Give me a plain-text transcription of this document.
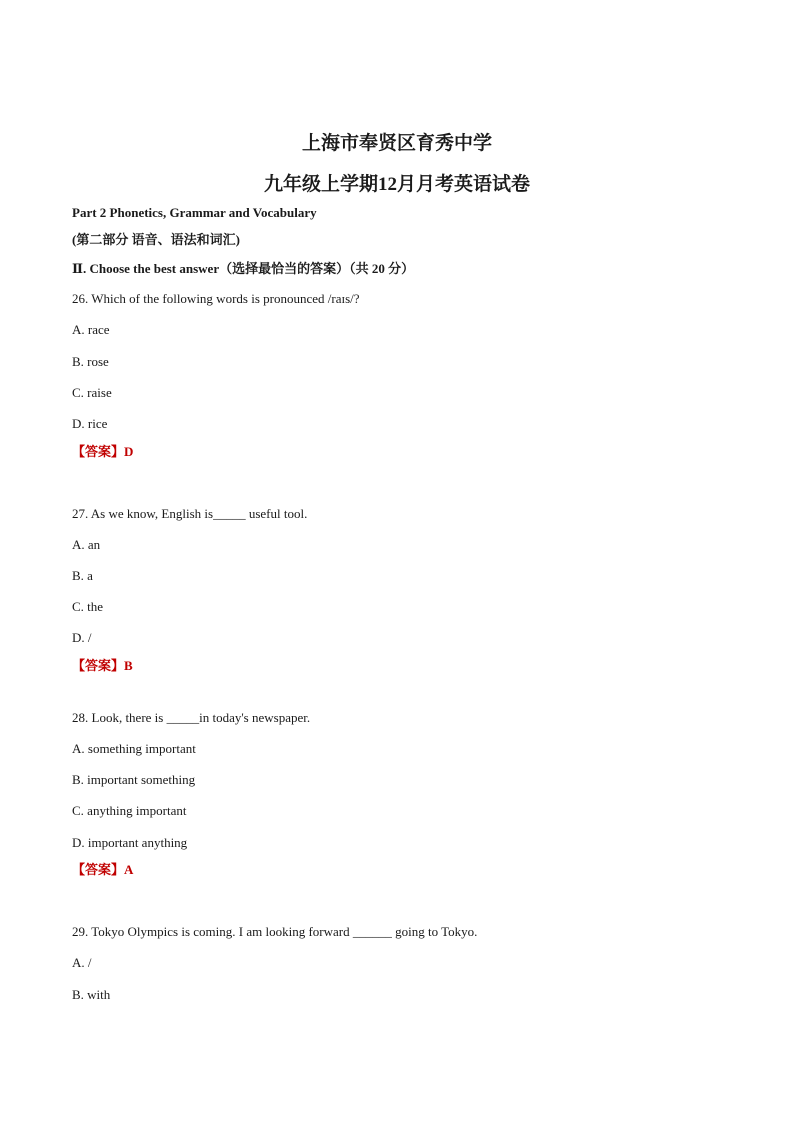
上海市奉贤区育秀中学
九年级上学期12月月考英语试卷
Part 2 Phonetics, Grammar and Vocabulary
(第二部分 语音、语法和词汇)
Ⅱ. Choose the best answer（选择最恰当的答案）（共 20 分）
26. Which of the following words is pronounced /raɪs/?
A. race
B. rose
C. raise
D. rice
【答案】D
27. As we know, English is_____ useful tool.
A. an
B. a
C. the
D. /
【答案】B
28. Look, there is _____in today's newspaper.
A. something important
B. important something
C. anything important
D. important anything
【答案】A
29. Tokyo Olympics is coming. I am looking forward ______ going to Tokyo.
A. /
B. with
